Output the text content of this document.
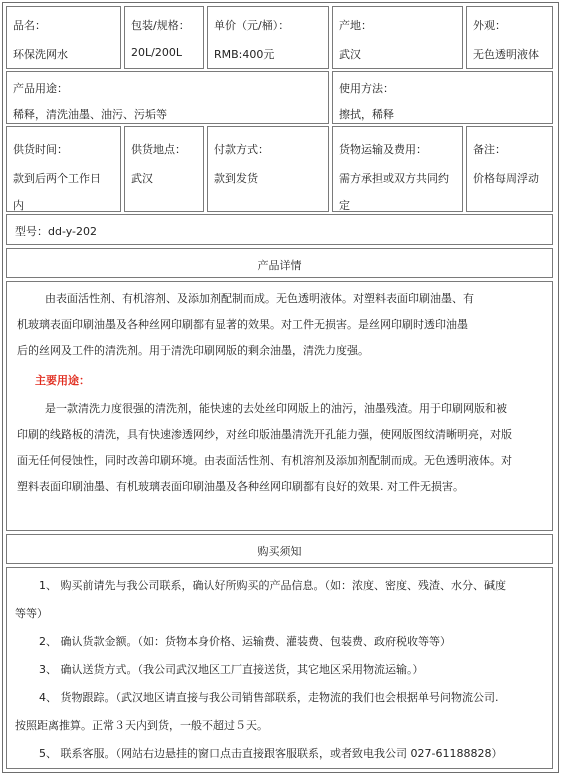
品名：
环保洗网水
包装/规格：
20L/200L
单价（元/桶）：
RMB:400元
产地：
武汉
外观：
无色透明液体
产品用途：
稀释，清洗油墨、油污、污垢等
使用方法：
擦拭，稀释
供货时间：
款到后两个工作日
内
供货地点：
武汉
付款方式：
款到发货
货物运输及费用：
需方承担或双方共同约
定
备注：
价格每周浮动
型号：dd-y-202
产品详情
由表面活性剂、有机溶剂、及添加剂配制而成。无色透明液体。对塑料表面印刷油墨、有
机玻璃表面印刷油墨及各种丝网印刷都有显著的效果。对工件无损害。是丝网印刷时透印油墨
后的丝网及工件的清洗剂。用于清洗印刷网版的剩余油墨，清洗力度强。
主要用途：
是一款清洗力度很强的清洗剂，能快速的去处丝印网版上的油污，油墨残渣。用于印刷网版和被
印刷的线路板的清洗，具有快速渗透网纱，对丝印版油墨清洗开孔能力强，使网版图纹清晰明亮，对版
面无任何侵蚀性，同时改善印刷环境。由表面活性剂、有机溶剂及添加剂配制而成。无色透明液体。对
塑料表面印刷油墨、有机玻璃表面印刷油墨及各种丝网印刷都有良好的效果. 对工件无损害。
购买须知
1、 购买前请先与我公司联系，确认好所购买的产品信息。（如：浓度、密度、残渣、水分、碱度
等等）
2、 确认货款金额。（如：货物本身价格、运输费、灌装费、包装费、政府税收等等）
3、 确认送货方式。（我公司武汉地区工厂直接送货，其它地区采用物流运输。）
4、 货物跟踪。（武汉地区请直接与我公司销售部联系，走物流的我们也会根据单号问物流公司.
按照距离推算。正常３天内到货，一般不超过５天。
5、 联系客服。（网站右边悬挂的窗口点击直接跟客服联系，或者致电我公司 027-61188828）
